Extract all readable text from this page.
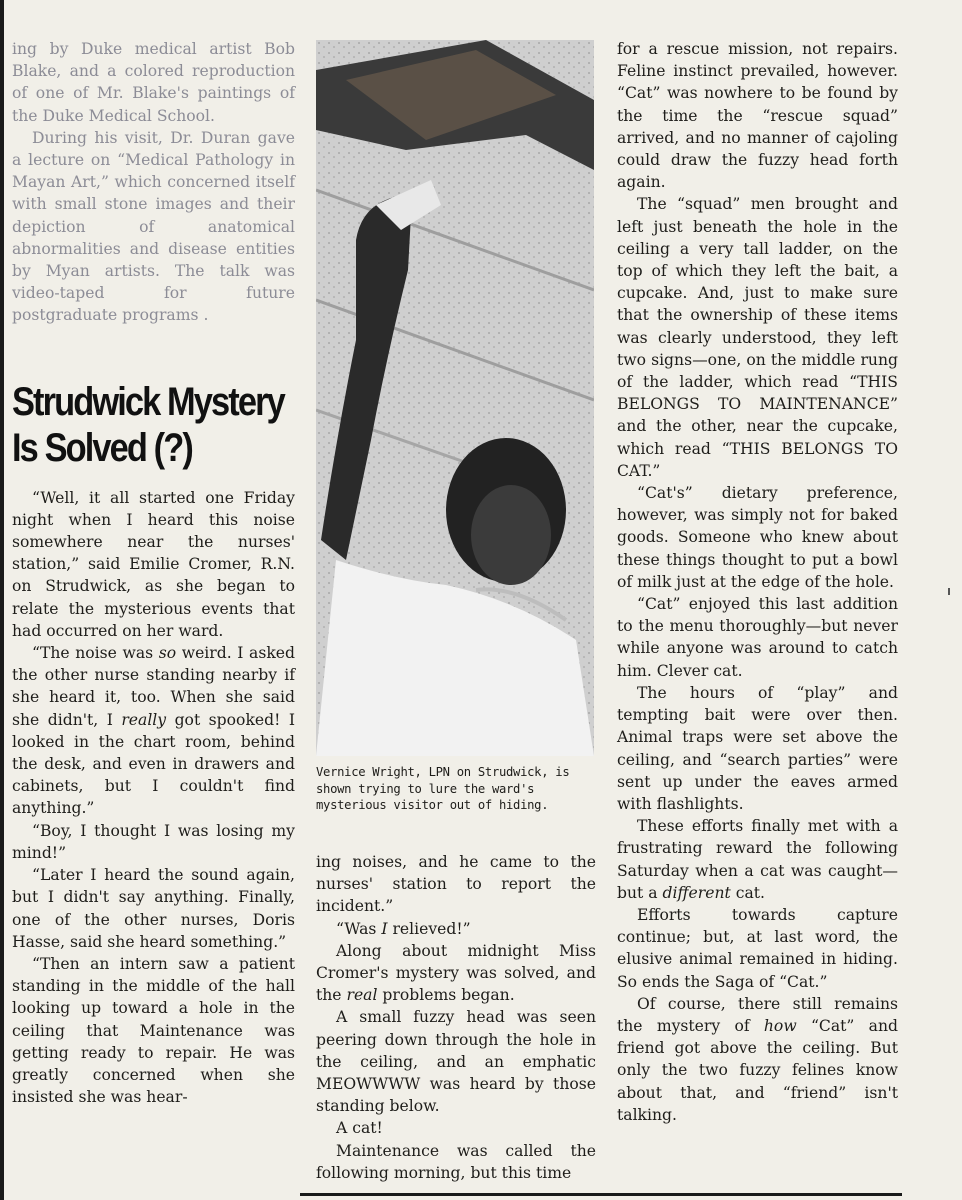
ing by Duke medical artist Bob Blake, and a colored reproduction of one of Mr. Blake's paintings of the Duke Medical School.

During his visit, Dr. Duran gave a lecture on “Medical Pathology in Mayan Art,” which concerned itself with small stone images and their depiction of anatomical abnormalities and disease entities by Myan artists. The talk was video-taped for future postgraduate programs .

Strudwick Mystery
Is Solved (?)

“Well, it all started one Friday night when I heard this noise somewhere near the nurses' station,” said Emilie Cromer, R.N. on Strudwick, as she began to relate the mysterious events that had occurred on her ward.

“The noise was so weird. I asked the other nurse standing nearby if she heard it, too. When she said she didn't, I really got spooked! I looked in the chart room, behind the desk, and even in drawers and cabinets, but I couldn't find anything.”

“Boy, I thought I was losing my mind!”

“Later I heard the sound again, but I didn't say anything. Finally, one of the other nurses, Doris Hasse, said she heard something.”

“Then an intern saw a patient standing in the middle of the hall looking up toward a hole in the ceiling that Maintenance was getting ready to repair. He was greatly concerned when she insisted she was hear-

Vernice Wright, LPN on Strudwick, is shown trying to lure the ward's mysterious visitor out of hiding.

ing noises, and he came to the nurses' station to report the incident.”

“Was I relieved!”

Along about midnight Miss Cromer's mystery was solved, and the real problems began.

A small fuzzy head was seen peering down through the hole in the ceiling, and an emphatic MEOWWWW was heard by those standing below.

A cat!

Maintenance was called the following morning, but this time

for a rescue mission, not repairs. Feline instinct prevailed, however. “Cat” was nowhere to be found by the time the “rescue squad” arrived, and no manner of cajoling could draw the fuzzy head forth again.

The “squad” men brought and left just beneath the hole in the ceiling a very tall ladder, on the top of which they left the bait, a cupcake. And, just to make sure that the ownership of these items was clearly understood, they left two signs—one, on the middle rung of the ladder, which read “THIS BELONGS TO MAINTENANCE” and the other, near the cupcake, which read “THIS BELONGS TO CAT.”

“Cat's” dietary preference, however, was simply not for baked goods. Someone who knew about these things thought to put a bowl of milk just at the edge of the hole.

“Cat” enjoyed this last addition to the menu thoroughly—but never while anyone was around to catch him. Clever cat.

The hours of “play” and tempting bait were over then. Animal traps were set above the ceiling, and “search parties” were sent up under the eaves armed with flashlights.

These efforts finally met with a frustrating reward the following Saturday when a cat was caught—but a different cat.

Efforts towards capture continue; but, at last word, the elusive animal remained in hiding. So ends the Saga of “Cat.”

Of course, there still remains the mystery of how “Cat” and friend got above the ceiling. But only the two fuzzy felines know about that, and “friend” isn't talking.
